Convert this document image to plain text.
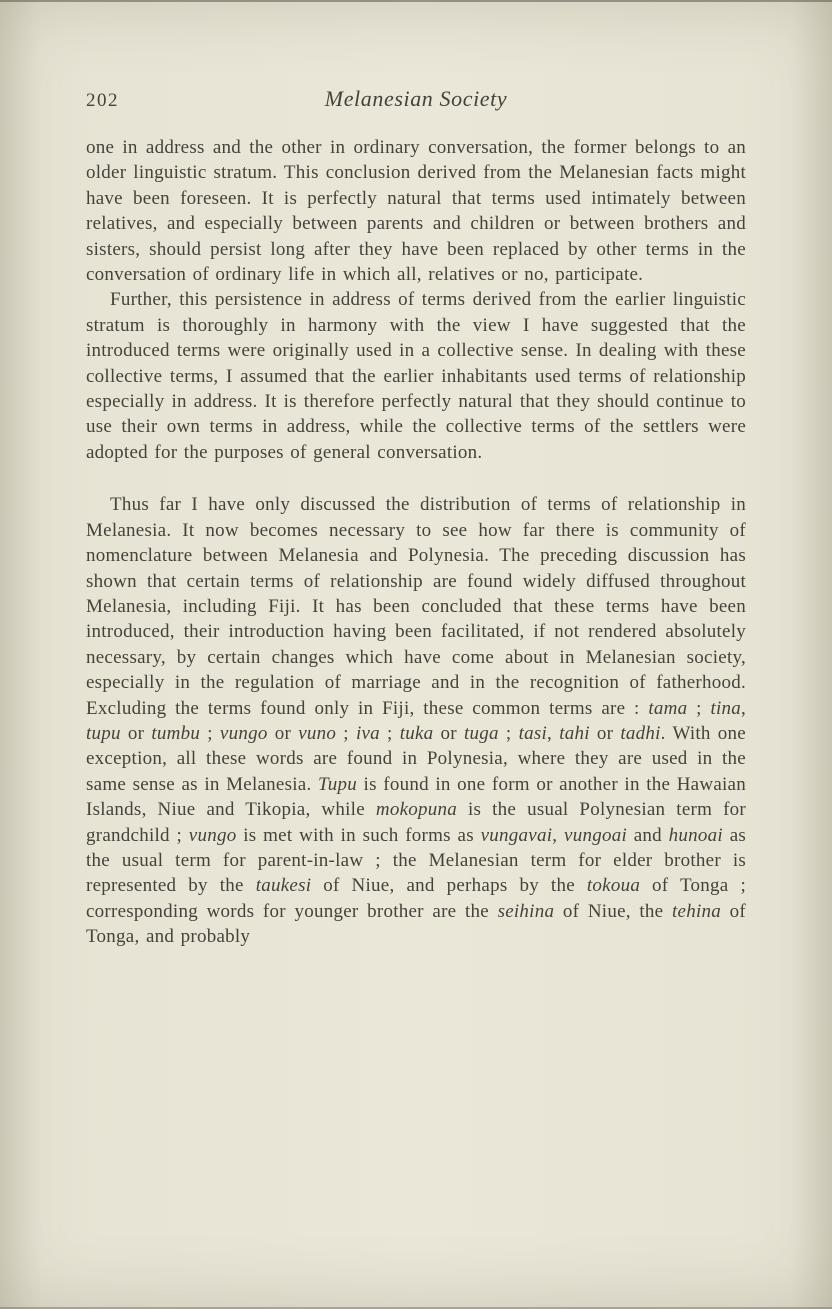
202	Melanesian Society

one in address and the other in ordinary conversation, the former belongs to an older linguistic stratum. This conclusion derived from the Melanesian facts might have been foreseen. It is perfectly natural that terms used intimately between relatives, and especially between parents and children or between brothers and sisters, should persist long after they have been replaced by other terms in the conversation of ordinary life in which all, relatives or no, participate.

Further, this persistence in address of terms derived from the earlier linguistic stratum is thoroughly in harmony with the view I have suggested that the introduced terms were originally used in a collective sense. In dealing with these collective terms, I assumed that the earlier inhabitants used terms of relationship especially in address. It is therefore perfectly natural that they should continue to use their own terms in address, while the collective terms of the settlers were adopted for the purposes of general conversation.

Thus far I have only discussed the distribution of terms of relationship in Melanesia. It now becomes necessary to see how far there is community of nomenclature between Melanesia and Polynesia. The preceding discussion has shown that certain terms of relationship are found widely diffused throughout Melanesia, including Fiji. It has been concluded that these terms have been introduced, their introduction having been facilitated, if not rendered absolutely necessary, by certain changes which have come about in Melanesian society, especially in the regulation of marriage and in the recognition of fatherhood. Excluding the terms found only in Fiji, these common terms are : tama ; tina, tupu or tumbu ; vungo or vuno ; iva ; tuka or tuga ; tasi, tahi or tadhi. With one exception, all these words are found in Polynesia, where they are used in the same sense as in Melanesia. Tupu is found in one form or another in the Hawaian Islands, Niue and Tikopia, while mokopuna is the usual Polynesian term for grandchild ; vungo is met with in such forms as vungavai, vungoai and hunoai as the usual term for parent-in-law ; the Melanesian term for elder brother is represented by the taukesi of Niue, and perhaps by the tokoua of Tonga ; corresponding words for younger brother are the seihina of Niue, the tehina of Tonga, and probably
